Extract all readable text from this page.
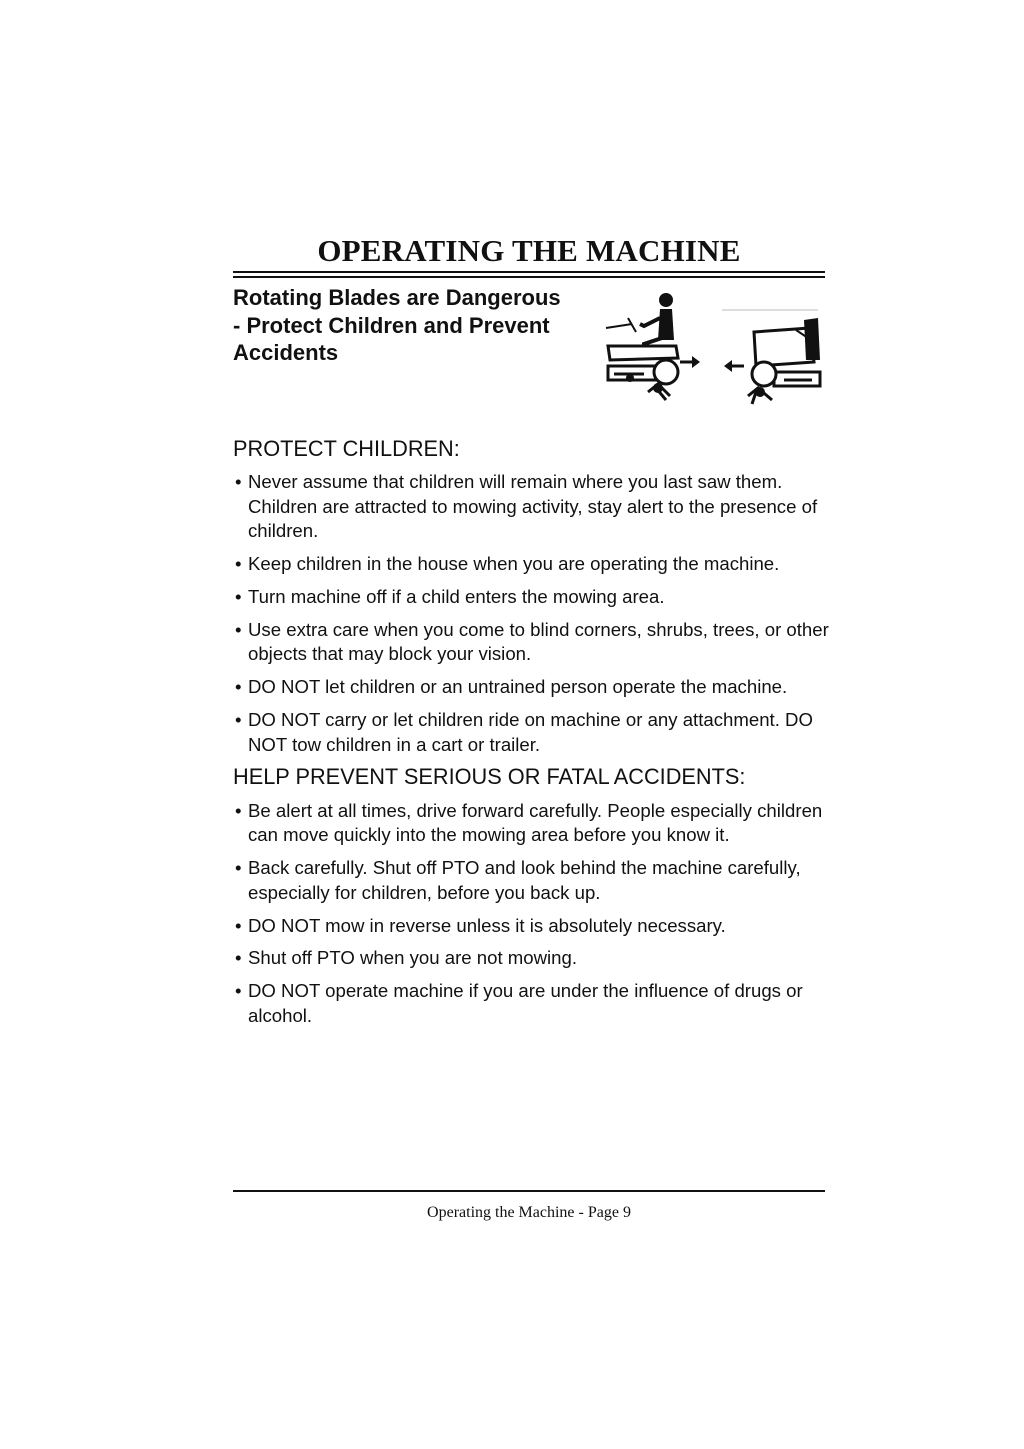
OPERATING THE MACHINE
Rotating Blades are Dangerous - Protect Children and Prevent Accidents
PROTECT CHILDREN:
• Never assume that children will remain where you last saw them. Children are attracted to mowing activity, stay alert to the presence of children.
• Keep children in the house when you are operating the machine.
• Turn machine off if a child enters the mowing area.
• Use extra care when you come to blind corners, shrubs, trees, or other objects that may block your vision.
• DO NOT let children or an untrained person operate the machine.
• DO NOT carry or let children ride on machine or any attachment. DO NOT tow children in a cart or trailer.
HELP PREVENT SERIOUS OR FATAL ACCIDENTS:
• Be alert at all times, drive forward carefully. People especially children can move quickly into the mowing area before you know it.
• Back carefully. Shut off PTO and look behind the machine carefully, especially for children, before you back up.
• DO NOT mow in reverse unless it is absolutely necessary.
• Shut off PTO when you are not mowing.
• DO NOT operate machine if you are under the influence of drugs or alcohol.
Operating the Machine - Page 9
